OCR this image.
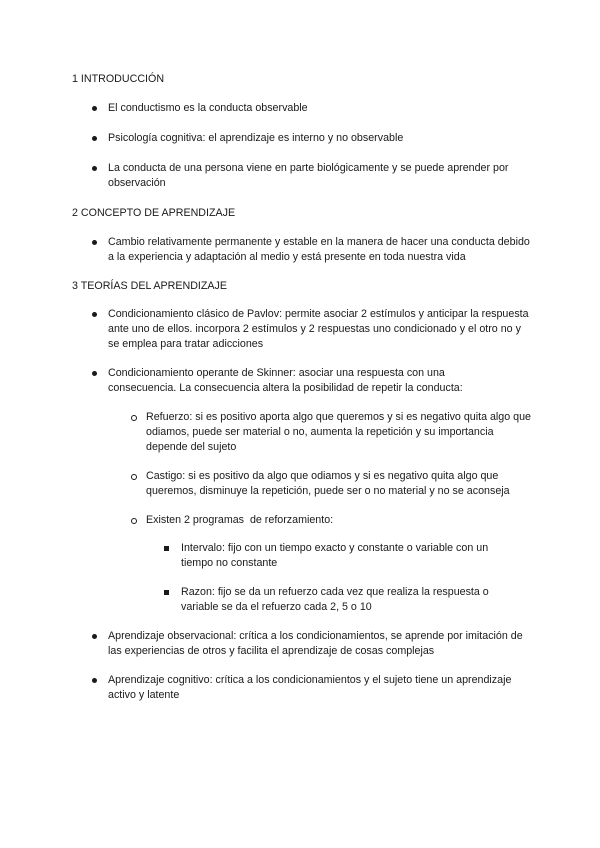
1 INTRODUCCIÓN
El conductismo es la conducta observable
Psicología cognitiva: el aprendizaje es interno y no observable
La conducta de una persona viene en parte biológicamente y se puede aprender por observación
2 CONCEPTO DE APRENDIZAJE
Cambio relativamente permanente y estable en la manera de hacer una conducta debido a la experiencia y adaptación al medio y está presente en toda nuestra vida
3 TEORÍAS DEL APRENDIZAJE
Condicionamiento clásico de Pavlov: permite asociar 2 estímulos y anticipar la respuesta ante uno de ellos. incorpora 2 estímulos y 2 respuestas uno condicionado y el otro no y se emplea para tratar adicciones
Condicionamiento operante de Skinner: asociar una respuesta con una consecuencia. La consecuencia altera la posibilidad de repetir la conducta:
Refuerzo: si es positivo aporta algo que queremos y si es negativo quita algo que odiamos, puede ser material o no, aumenta la repetición y su importancia depende del sujeto
Castigo: si es positivo da algo que odiamos y si es negativo quita algo que queremos, disminuye la repetición, puede ser o no material y no se aconseja
Existen 2 programas  de reforzamiento:
Intervalo: fijo con un tiempo exacto y constante o variable con un tiempo no constante
Razon: fijo se da un refuerzo cada vez que realiza la respuesta o variable se da el refuerzo cada 2, 5 o 10
Aprendizaje observacional: crítica a los condicionamientos, se aprende por imitación de las experiencias de otros y facilita el aprendizaje de cosas complejas
Aprendizaje cognitivo: crítica a los condicionamientos y el sujeto tiene un aprendizaje activo y latente
